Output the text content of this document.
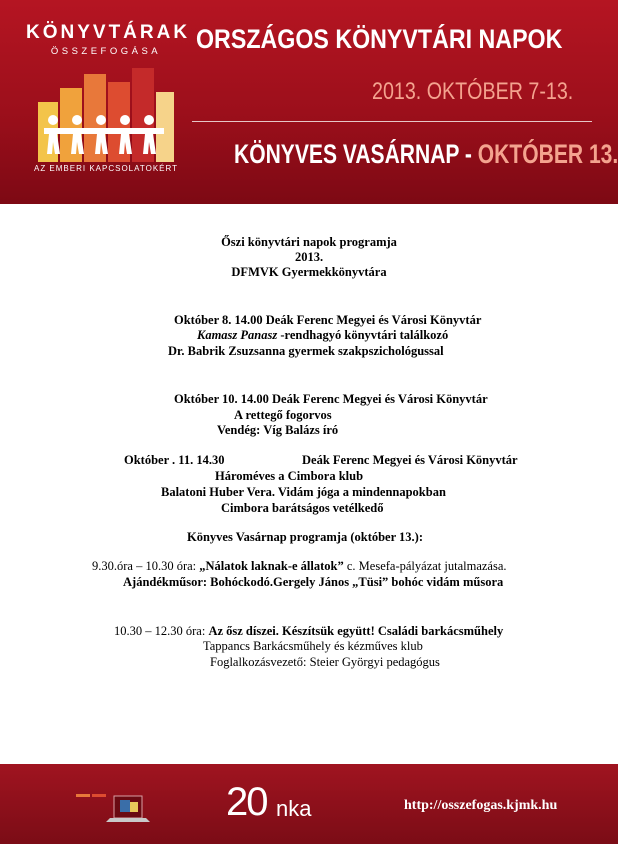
KÖNYVTÁRAK
ÖSSZEFOGÁSA
AZ EMBERI KAPCSOLATOKÉRT
ORSZÁGOS KÖNYVTÁRI NAPOK
2013. OKTÓBER 7-13.
KÖNYVES VASÁRNAP - OKTÓBER 13.
Őszi könyvtári napok programja
2013.
DFMVK Gyermekkönyvtára
Október 8. 14.00 Deák Ferenc Megyei és Városi Könyvtár
Kamasz Panasz -rendhagyó könyvtári találkozó
Dr. Babrik Zsuzsanna gyermek szakpszichológussal
Október 10. 14.00 Deák Ferenc Megyei és Városi Könyvtár
A rettegő fogorvos
Vendég: Víg Balázs író
Október . 11. 14.30	Deák Ferenc Megyei és Városi Könyvtár
Hároméves a Cimbora klub
Balatoni Huber Vera. Vidám jóga a mindennapokban
Cimbora barátságos vetélkedő
Könyves Vasárnap programja (október 13.):
9.30.óra – 10.30 óra: „Nálatok laknak-e állatok” c. Mesefa-pályázat jutalmazása.
Ajándékműsor: Bohóckodó.Gergely János „Tüsi” bohóc vidám műsora
10.30 – 12.30 óra: Az ősz díszei. Készítsük együtt! Családi barkácsműhely
Tappancs Barkácsműhely és kézműves klub
Foglalkozásvezető: Steier Györgyi pedagógus
20 nka	http://osszefogas.kjmk.hu
